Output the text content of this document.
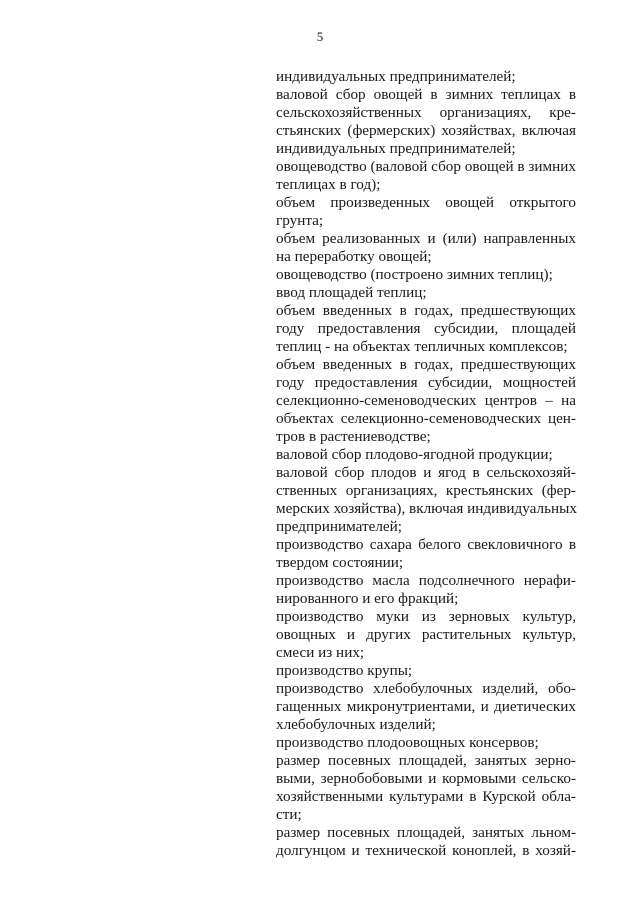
5
индивидуальных предпринимателей;
валовой сбор овощей в зимних теплицах в
сельскохозяйственных организациях, кре-
стьянских (фермерских) хозяйствах, включая
индивидуальных предпринимателей;
овощеводство (валовой сбор овощей в зимних
теплицах в год);
объем произведенных овощей открытого
грунта;
объем реализованных и (или) направленных
на переработку овощей;
овощеводство (построено зимних теплиц);
ввод площадей теплиц;
объем введенных в годах, предшествующих
году предоставления субсидии, площадей
теплиц - на объектах тепличных комплексов;
объем введенных в годах, предшествующих
году предоставления субсидии, мощностей
селекционно-семеноводческих центров – на
объектах селекционно-семеноводческих цен-
тров в растениеводстве;
валовой сбор плодово-ягодной продукции;
валовой сбор плодов и ягод в сельскохозяй-
ственных организациях, крестьянских (фер-
мерских хозяйства), включая индивидуальных
предпринимателей;
производство сахара белого свекловичного в
твердом состоянии;
производство масла подсолнечного нерафи-
нированного и его фракций;
производство муки из зерновых культур,
овощных и других растительных культур,
смеси из них;
производство крупы;
производство хлебобулочных изделий, обо-
гащенных микронутриентами, и диетических
хлебобулочных изделий;
производство плодоовощных консервов;
размер посевных площадей, занятых зерно-
выми, зернобобовыми и кормовыми сельско-
хозяйственными культурами в Курской обла-
сти;
размер посевных площадей, занятых льном-
долгунцом и технической коноплей, в хозяй-
